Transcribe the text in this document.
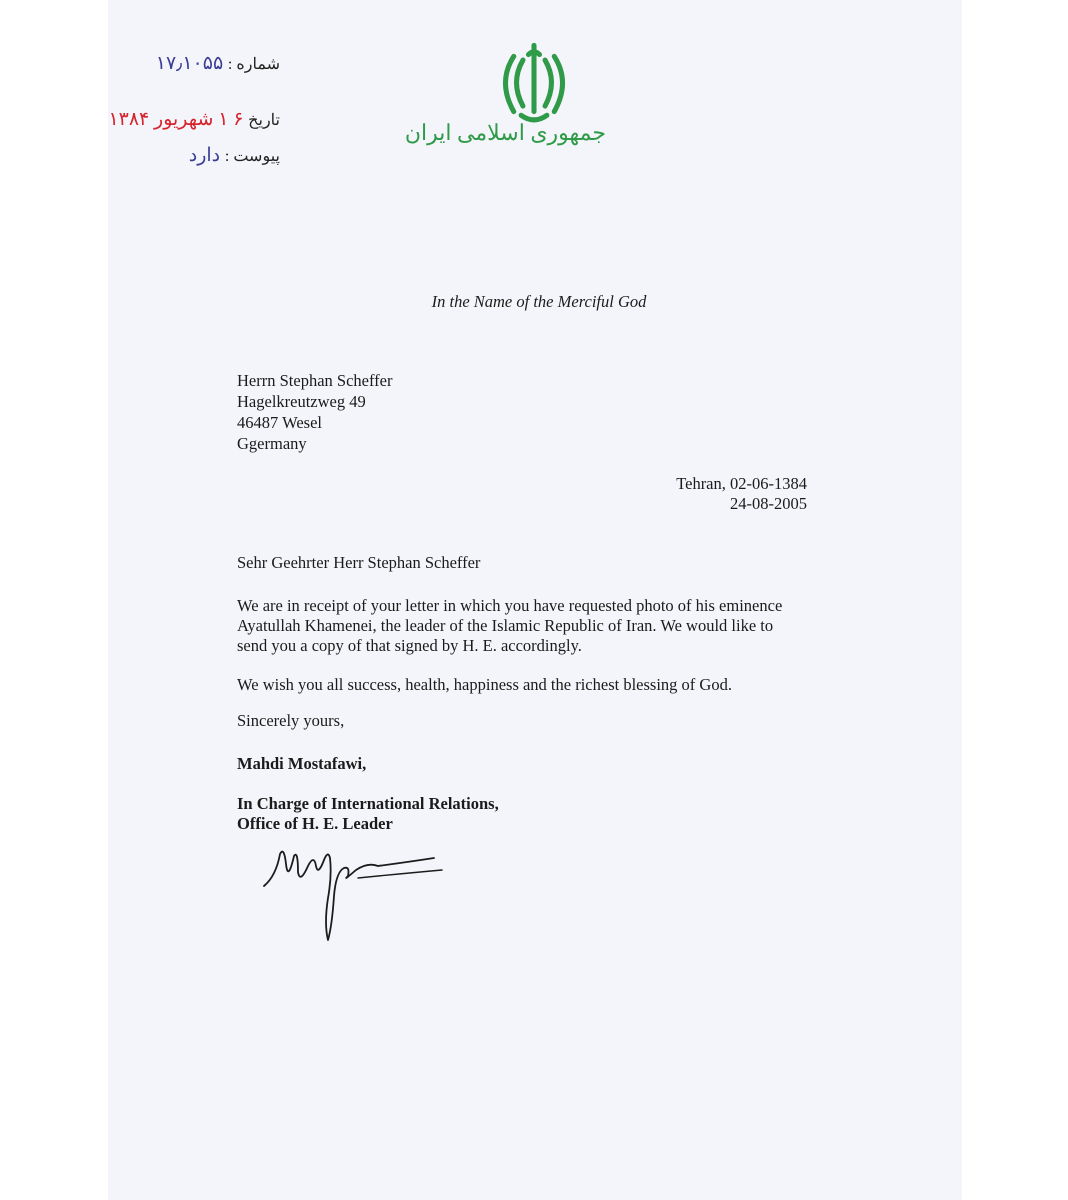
جمهوری اسلامی ایران
شماره : ۱۷٫۱۰۵۵
تاریخ ۶ ۱ شهریور ۱۳۸۴
پیوست : دارد
In the Name of the Merciful God
Herrn Stephan Scheffer
Hagelkreutzweg 49
46487 Wesel
Ggermany
Tehran, 02-06-1384
24-08-2005
Sehr Geehrter Herr Stephan Scheffer
We are in receipt of your letter in which you have requested photo of his eminence
Ayatullah Khamenei, the leader of the Islamic Republic of Iran. We would like to
send you a copy of that signed by H. E. accordingly.
We wish you all success, health, happiness and the richest blessing of God.
Sincerely yours,
Mahdi Mostafawi,
In Charge of International Relations,
Office of H. E. Leader
